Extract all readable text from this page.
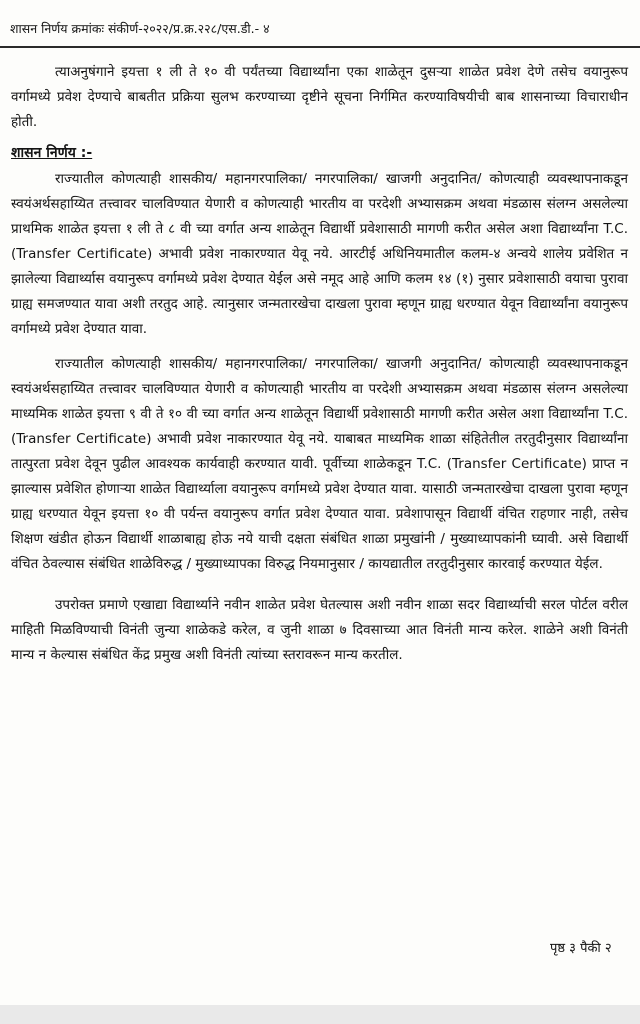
शासन निर्णय क्रमांकः संकीर्ण-२०२२/प्र.क्र.२२८/एस.डी.- ४

त्याअनुषंगाने इयत्ता १ ली ते १० वी पर्यंतच्या विद्यार्थ्यांना एका शाळेतून दुसऱ्या शाळेत प्रवेश देणे तसेच वयानुरूप वर्गामध्ये प्रवेश देण्याचे बाबतीत प्रक्रिया सुलभ करण्याच्या दृष्टीने सूचना निर्गमित करण्याविषयीची बाब शासनाच्या विचाराधीन होती.

शासन निर्णय :-

राज्यातील कोणत्याही शासकीय/ महानगरपालिका/ नगरपालिका/ खाजगी अनुदानित/ कोणत्याही व्यवस्थापनाकडून स्वयंअर्थसहाय्यित तत्त्वावर चालविण्यात येणारी व कोणत्याही भारतीय वा परदेशी अभ्यासक्रम अथवा मंडळास संलग्न असलेल्या प्राथमिक शाळेत इयत्ता १ ली ते ८ वी च्या वर्गात अन्य शाळेतून विद्यार्थी प्रवेशासाठी मागणी करीत असेल अशा विद्यार्थ्यांना T.C. (Transfer Certificate) अभावी प्रवेश नाकारण्यात येवू नये. आरटीई अधिनियमातील कलम-४ अन्वये शालेय प्रवेशित न झालेल्या विद्यार्थ्यास वयानुरूप वर्गामध्ये प्रवेश देण्यात येईल असे नमूद आहे आणि कलम १४ (१) नुसार प्रवेशासाठी वयाचा पुरावा ग्राह्य समजण्यात यावा अशी तरतुद आहे. त्यानुसार जन्मतारखेचा दाखला पुरावा म्हणून ग्राह्य धरण्यात येवून विद्यार्थ्यांना वयानुरूप वर्गामध्ये प्रवेश देण्यात यावा.

राज्यातील कोणत्याही शासकीय/ महानगरपालिका/ नगरपालिका/ खाजगी अनुदानित/ कोणत्याही व्यवस्थापनाकडून स्वयंअर्थसहाय्यित तत्त्वावर चालविण्यात येणारी व कोणत्याही भारतीय वा परदेशी अभ्यासक्रम अथवा मंडळास संलग्न असलेल्या माध्यमिक शाळेत इयत्ता ९ वी ते १० वी च्या वर्गात अन्य शाळेतून विद्यार्थी प्रवेशासाठी मागणी करीत असेल अशा विद्यार्थ्यांना T.C. (Transfer Certificate) अभावी प्रवेश नाकारण्यात येवू नये. याबाबत माध्यमिक शाळा संहितेतील तरतुदीनुसार विद्यार्थ्यांना तात्पुरता प्रवेश देवून पुढील आवश्यक कार्यवाही करण्यात यावी. पूर्वीच्या शाळेकडून T.C. (Transfer Certificate) प्राप्त न झाल्यास प्रवेशित होणाऱ्या शाळेत विद्यार्थ्याला वयानुरूप वर्गामध्ये प्रवेश देण्यात यावा. यासाठी जन्मतारखेचा दाखला पुरावा म्हणून ग्राह्य धरण्यात येवून इयत्ता १० वी पर्यन्त वयानुरूप वर्गात प्रवेश देण्यात यावा. प्रवेशापासून विद्यार्थी वंचित राहणार नाही, तसेच शिक्षण खंडीत होऊन विद्यार्थी शाळाबाह्य होऊ नये याची दक्षता संबंधित शाळा प्रमुखांनी / मुख्याध्यापकांनी घ्यावी. असे विद्यार्थी वंचित ठेवल्यास संबंधित शाळेविरुद्ध / मुख्याध्यापका विरुद्ध नियमानुसार / कायद्यातील तरतुदीनुसार कारवाई करण्यात येईल.

उपरोक्त प्रमाणे एखाद्या विद्यार्थ्याने नवीन शाळेत प्रवेश घेतल्यास अशी नवीन शाळा सदर विद्यार्थ्याची सरल पोर्टल वरील माहिती मिळविण्याची विनंती जुन्या शाळेकडे करेल, व जुनी शाळा ७ दिवसाच्या आत विनंती मान्य करेल. शाळेने अशी विनंती मान्य न केल्यास संबंधित केंद्र प्रमुख अशी विनंती त्यांच्या स्तरावरून मान्य करतील.

पृष्ठ ३ पैकी २
